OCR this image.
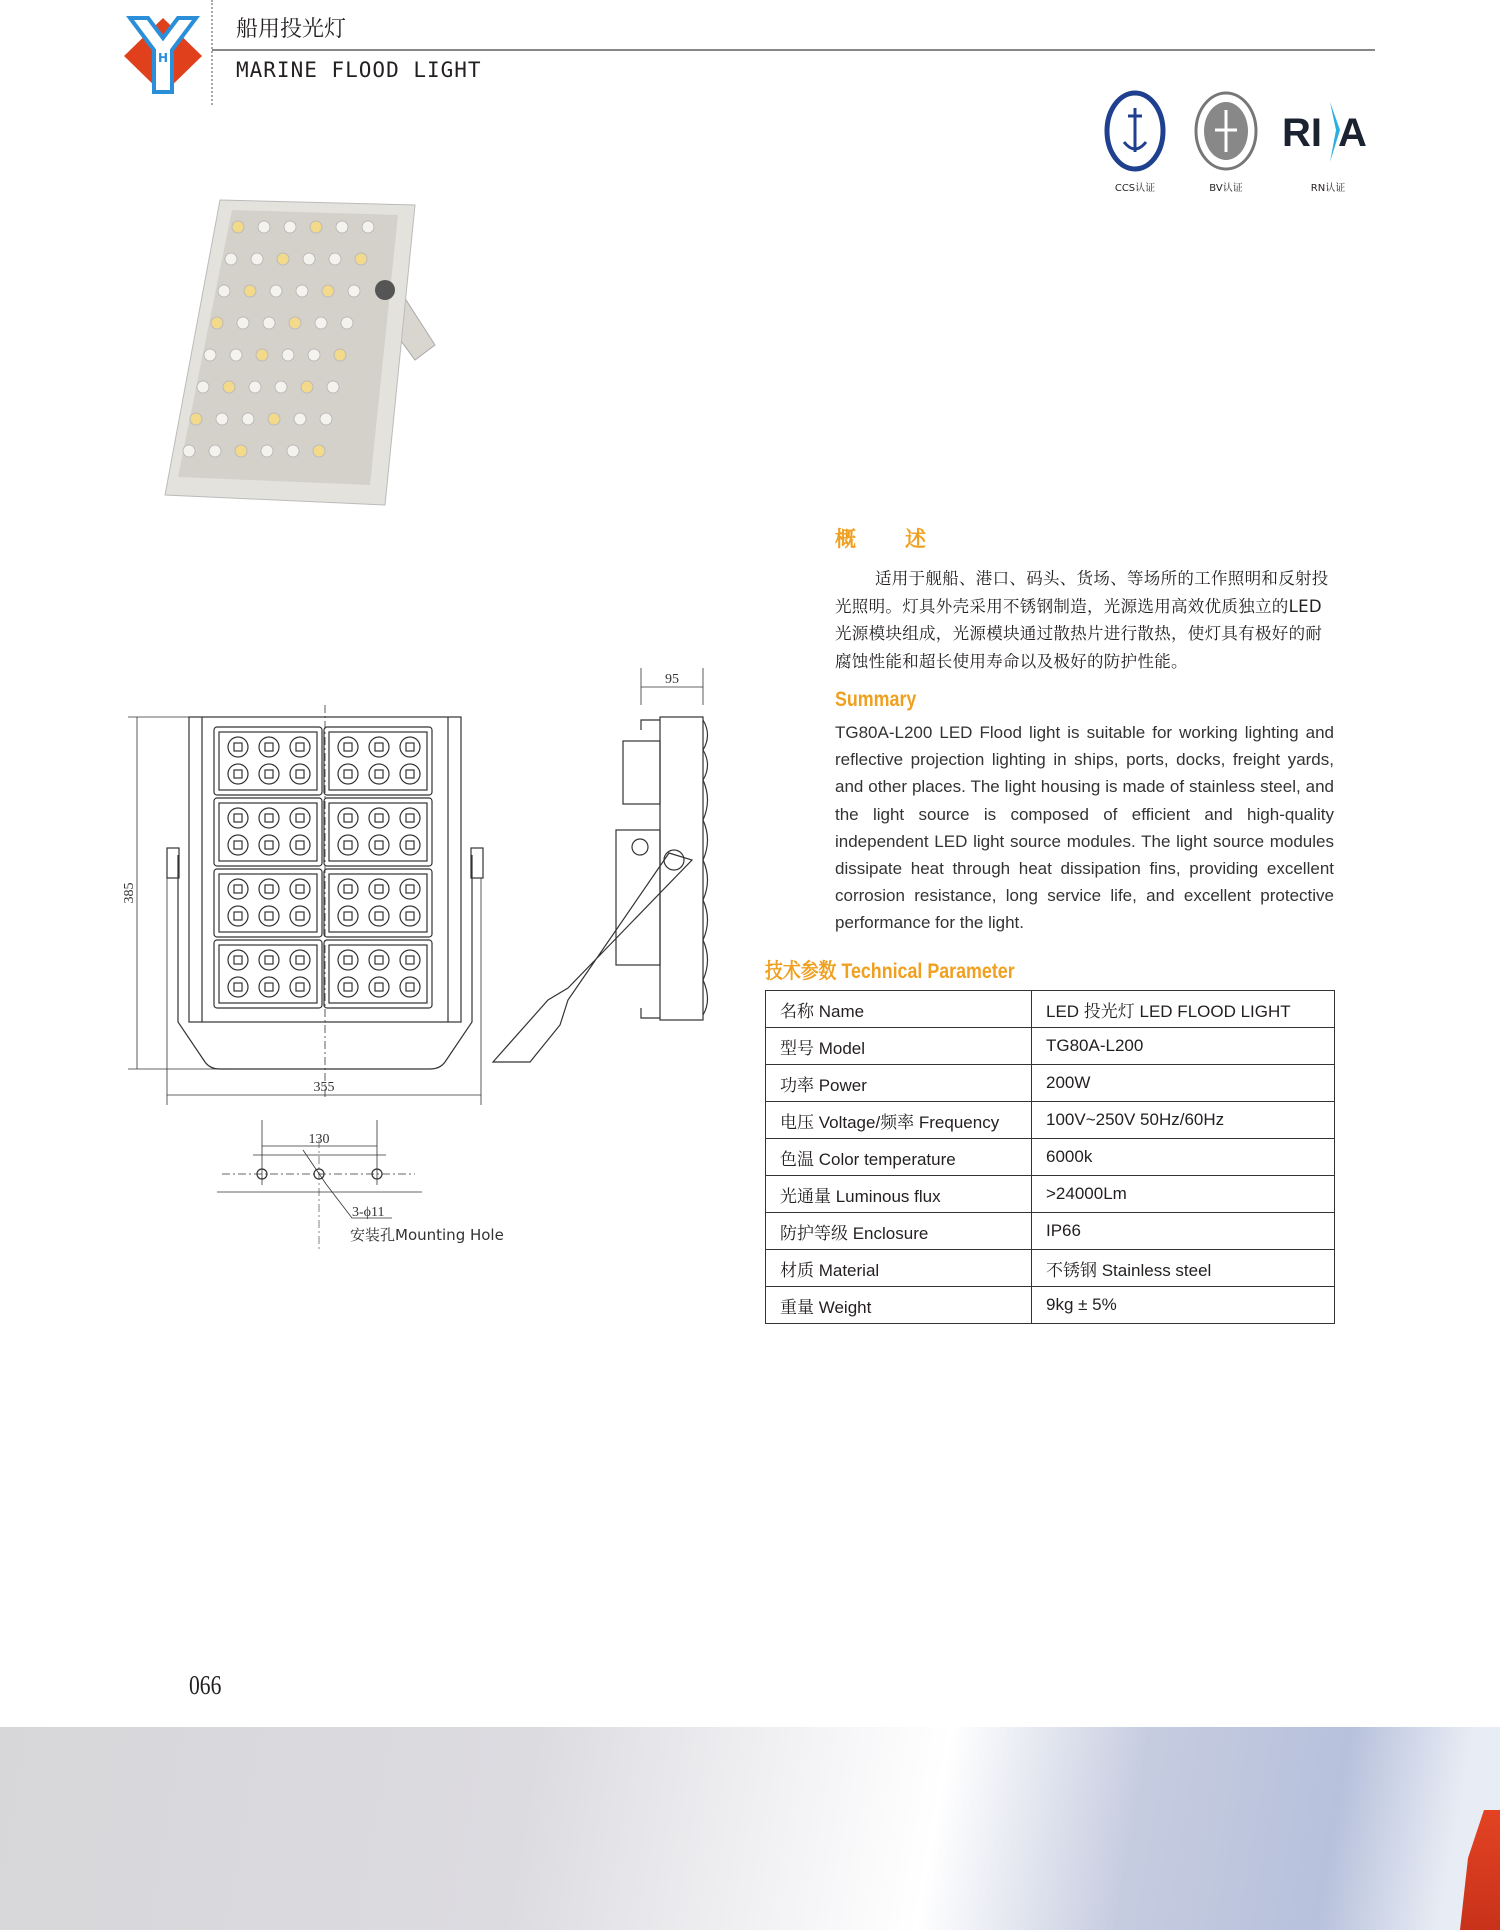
H
船用投光灯
MARINE FLOOD LIGHT
CCS认证	BV认证
RI A
RN认证
概　述
适用于舰船、港口、码头、货场、等场所的工作照明和反射投光照明。灯具外壳采用不锈钢制造，光源选用高效优质独立的LED光源模块组成，光源模块通过散热片进行散热，使灯具有极好的耐腐蚀性能和超长使用寿命以及极好的防护性能。
Summary
TG80A-L200 LED Flood light is suitable for working lighting and reflective projection lighting in ships, ports, docks, freight yards, and other places. The light housing is made of stainless steel, and the light source is composed of efficient and high-quality independent LED light source modules. The light source modules dissipate heat through heat dissipation fins, providing excellent corrosion resistance, long service life, and excellent protective performance for the light.
385
355
95
130
3-ϕ11
安装孔Mounting Hole
技术参数 Technical Parameter
名称 Name	LED 投光灯 LED FLOOD LIGHT
型号 Model	TG80A-L200
功率 Power	200W
电压 Voltage/频率 Frequency	100V~250V 50Hz/60Hz
色温 Color temperature	6000k
光通量 Luminous flux	>24000Lm
防护等级 Enclosure	IP66
材质 Material	不锈钢 Stainless steel
重量 Weight	9kg ± 5%
066
